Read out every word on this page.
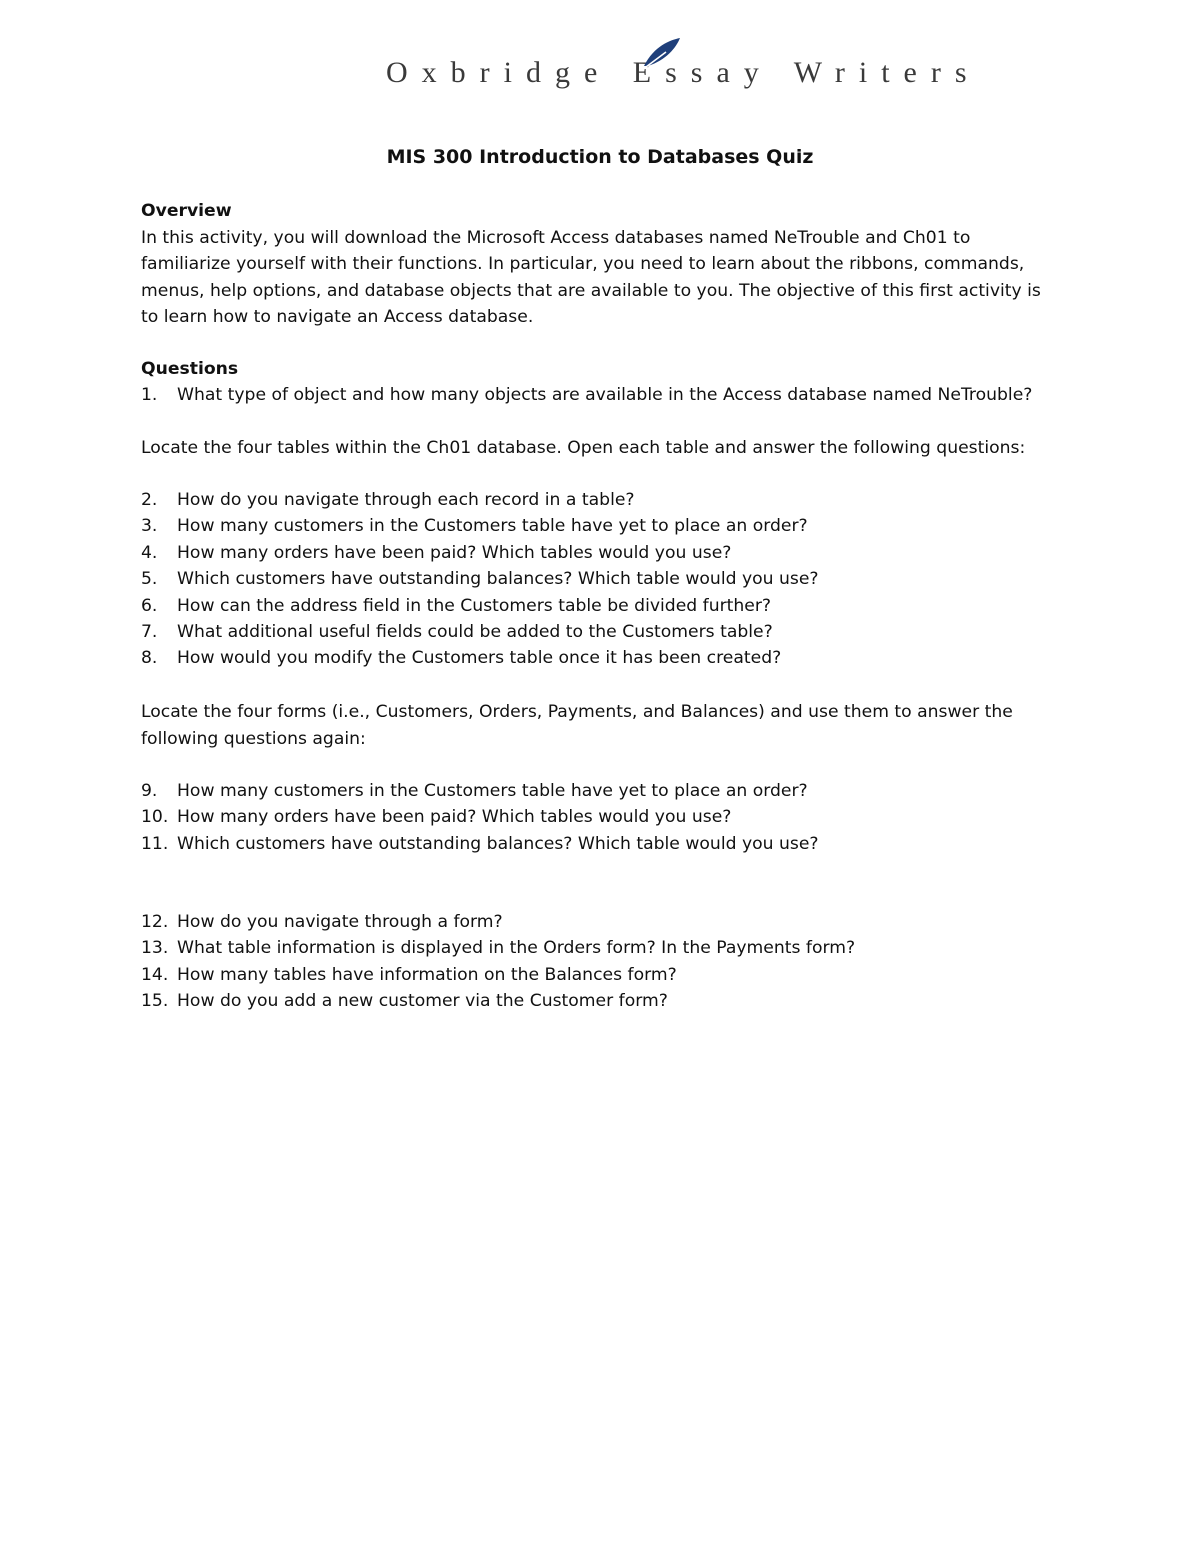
Oxbridge Essay Writers
MIS 300 Introduction to Databases Quiz
Overview

In this activity, you will download the Microsoft Access databases named NeTrouble and Ch01 to familiarize yourself with their functions. In particular, you need to learn about the ribbons, commands, menus, help options, and database objects that are available to you. The objective of this first activity is to learn how to navigate an Access database.

Questions
1.	What type of object and how many objects are available in the Access database named NeTrouble?

Locate the four tables within the Ch01 database. Open each table and answer the following questions:

2.	How do you navigate through each record in a table?
3.	How many customers in the Customers table have yet to place an order?
4.	How many orders have been paid? Which tables would you use?
5.	Which customers have outstanding balances? Which table would you use?
6.	How can the address field in the Customers table be divided further?
7.	What additional useful fields could be added to the Customers table?
8.	How would you modify the Customers table once it has been created?

Locate the four forms (i.e., Customers, Orders, Payments, and Balances) and use them to answer the following questions again:

9.	How many customers in the Customers table have yet to place an order?
10. How many orders have been paid? Which tables would you use?
11. Which customers have outstanding balances? Which table would you use?
12. How do you navigate through a form?
13. What table information is displayed in the Orders form? In the Payments form?
14. How many tables have information on the Balances form?
15. How do you add a new customer via the Customer form?
